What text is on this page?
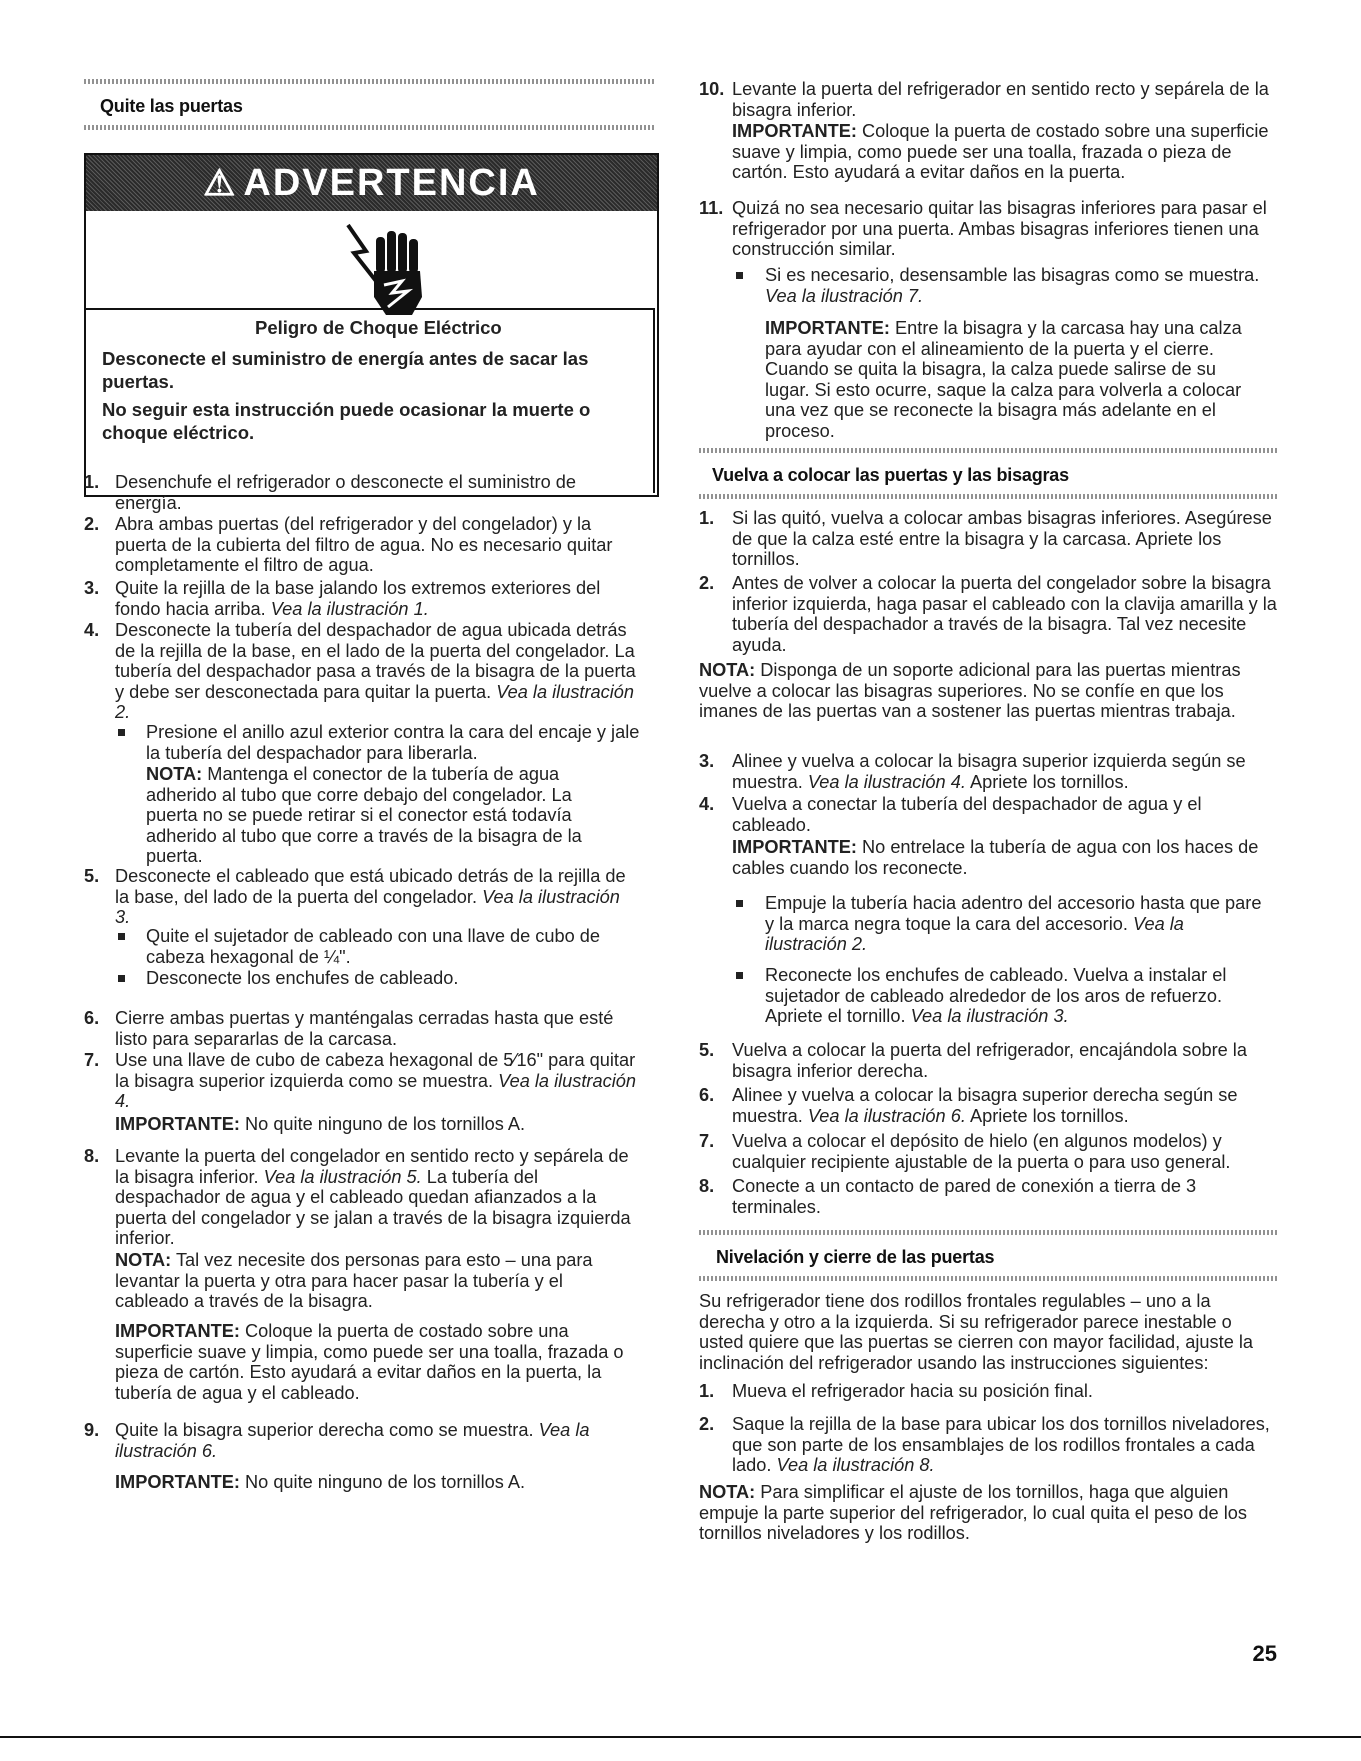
Quite las puertas
⚠ ADVERTENCIA
Peligro de Choque Eléctrico
Desconecte el suministro de energía antes de sacar las puertas.
No seguir esta instrucción puede ocasionar la muerte o choque eléctrico.
1. Desenchufe el refrigerador o desconecte el suministro de energía.
2. Abra ambas puertas (del refrigerador y del congelador) y la puerta de la cubierta del filtro de agua. No es necesario quitar completamente el filtro de agua.
3. Quite la rejilla de la base jalando los extremos exteriores del fondo hacia arriba. Vea la ilustración 1.
4. Desconecte la tubería del despachador de agua ubicada detrás de la rejilla de la base, en el lado de la puerta del congelador. La tubería del despachador pasa a través de la bisagra de la puerta y debe ser desconectada para quitar la puerta. Vea la ilustración 2.
Presione el anillo azul exterior contra la cara del encaje y jale la tubería del despachador para liberarla.
NOTA: Mantenga el conector de la tubería de agua adherido al tubo que corre debajo del congelador. La puerta no se puede retirar si el conector está todavía adherido al tubo que corre a través de la bisagra de la puerta.
5. Desconecte el cableado que está ubicado detrás de la rejilla de la base, del lado de la puerta del congelador. Vea la ilustración 3.
Quite el sujetador de cableado con una llave de cubo de cabeza hexagonal de ¼".
Desconecte los enchufes de cableado.
6. Cierre ambas puertas y manténgalas cerradas hasta que esté listo para separarlas de la carcasa.
7. Use una llave de cubo de cabeza hexagonal de 5⁄16" para quitar la bisagra superior izquierda como se muestra. Vea la ilustración 4.
IMPORTANTE: No quite ninguno de los tornillos A.
8. Levante la puerta del congelador en sentido recto y sepárela de la bisagra inferior. Vea la ilustración 5. La tubería del despachador de agua y el cableado quedan afianzados a la puerta del congelador y se jalan a través de la bisagra izquierda inferior.
NOTA: Tal vez necesite dos personas para esto – una para levantar la puerta y otra para hacer pasar la tubería y el cableado a través de la bisagra.
IMPORTANTE: Coloque la puerta de costado sobre una superficie suave y limpia, como puede ser una toalla, frazada o pieza de cartón. Esto ayudará a evitar daños en la puerta, la tubería de agua y el cableado.
9. Quite la bisagra superior derecha como se muestra. Vea la ilustración 6.
IMPORTANTE: No quite ninguno de los tornillos A.
10. Levante la puerta del refrigerador en sentido recto y sepárela de la bisagra inferior.
IMPORTANTE: Coloque la puerta de costado sobre una superficie suave y limpia, como puede ser una toalla, frazada o pieza de cartón. Esto ayudará a evitar daños en la puerta.
11. Quizá no sea necesario quitar las bisagras inferiores para pasar el refrigerador por una puerta. Ambas bisagras inferiores tienen una construcción similar.
Si es necesario, desensamble las bisagras como se muestra. Vea la ilustración 7.
IMPORTANTE: Entre la bisagra y la carcasa hay una calza para ayudar con el alineamiento de la puerta y el cierre. Cuando se quita la bisagra, la calza puede salirse de su lugar. Si esto ocurre, saque la calza para volverla a colocar una vez que se reconecte la bisagra más adelante en el proceso.
Vuelva a colocar las puertas y las bisagras
1. Si las quitó, vuelva a colocar ambas bisagras inferiores. Asegúrese de que la calza esté entre la bisagra y la carcasa. Apriete los tornillos.
2. Antes de volver a colocar la puerta del congelador sobre la bisagra inferior izquierda, haga pasar el cableado con la clavija amarilla y la tubería del despachador a través de la bisagra. Tal vez necesite ayuda.
NOTA: Disponga de un soporte adicional para las puertas mientras vuelve a colocar las bisagras superiores. No se confíe en que los imanes de las puertas van a sostener las puertas mientras trabaja.
3. Alinee y vuelva a colocar la bisagra superior izquierda según se muestra. Vea la ilustración 4. Apriete los tornillos.
4. Vuelva a conectar la tubería del despachador de agua y el cableado.
IMPORTANTE: No entrelace la tubería de agua con los haces de cables cuando los reconecte.
Empuje la tubería hacia adentro del accesorio hasta que pare y la marca negra toque la cara del accesorio. Vea la ilustración 2.
Reconecte los enchufes de cableado. Vuelva a instalar el sujetador de cableado alrededor de los aros de refuerzo. Apriete el tornillo. Vea la ilustración 3.
5. Vuelva a colocar la puerta del refrigerador, encajándola sobre la bisagra inferior derecha.
6. Alinee y vuelva a colocar la bisagra superior derecha según se muestra. Vea la ilustración 6. Apriete los tornillos.
7. Vuelva a colocar el depósito de hielo (en algunos modelos) y cualquier recipiente ajustable de la puerta o para uso general.
8. Conecte a un contacto de pared de conexión a tierra de 3 terminales.
Nivelación y cierre de las puertas
Su refrigerador tiene dos rodillos frontales regulables – uno a la derecha y otro a la izquierda. Si su refrigerador parece inestable o usted quiere que las puertas se cierren con mayor facilidad, ajuste la inclinación del refrigerador usando las instrucciones siguientes:
1. Mueva el refrigerador hacia su posición final.
2. Saque la rejilla de la base para ubicar los dos tornillos niveladores, que son parte de los ensamblajes de los rodillos frontales a cada lado. Vea la ilustración 8.
NOTA: Para simplificar el ajuste de los tornillos, haga que alguien empuje la parte superior del refrigerador, lo cual quita el peso de los tornillos niveladores y los rodillos.
25
